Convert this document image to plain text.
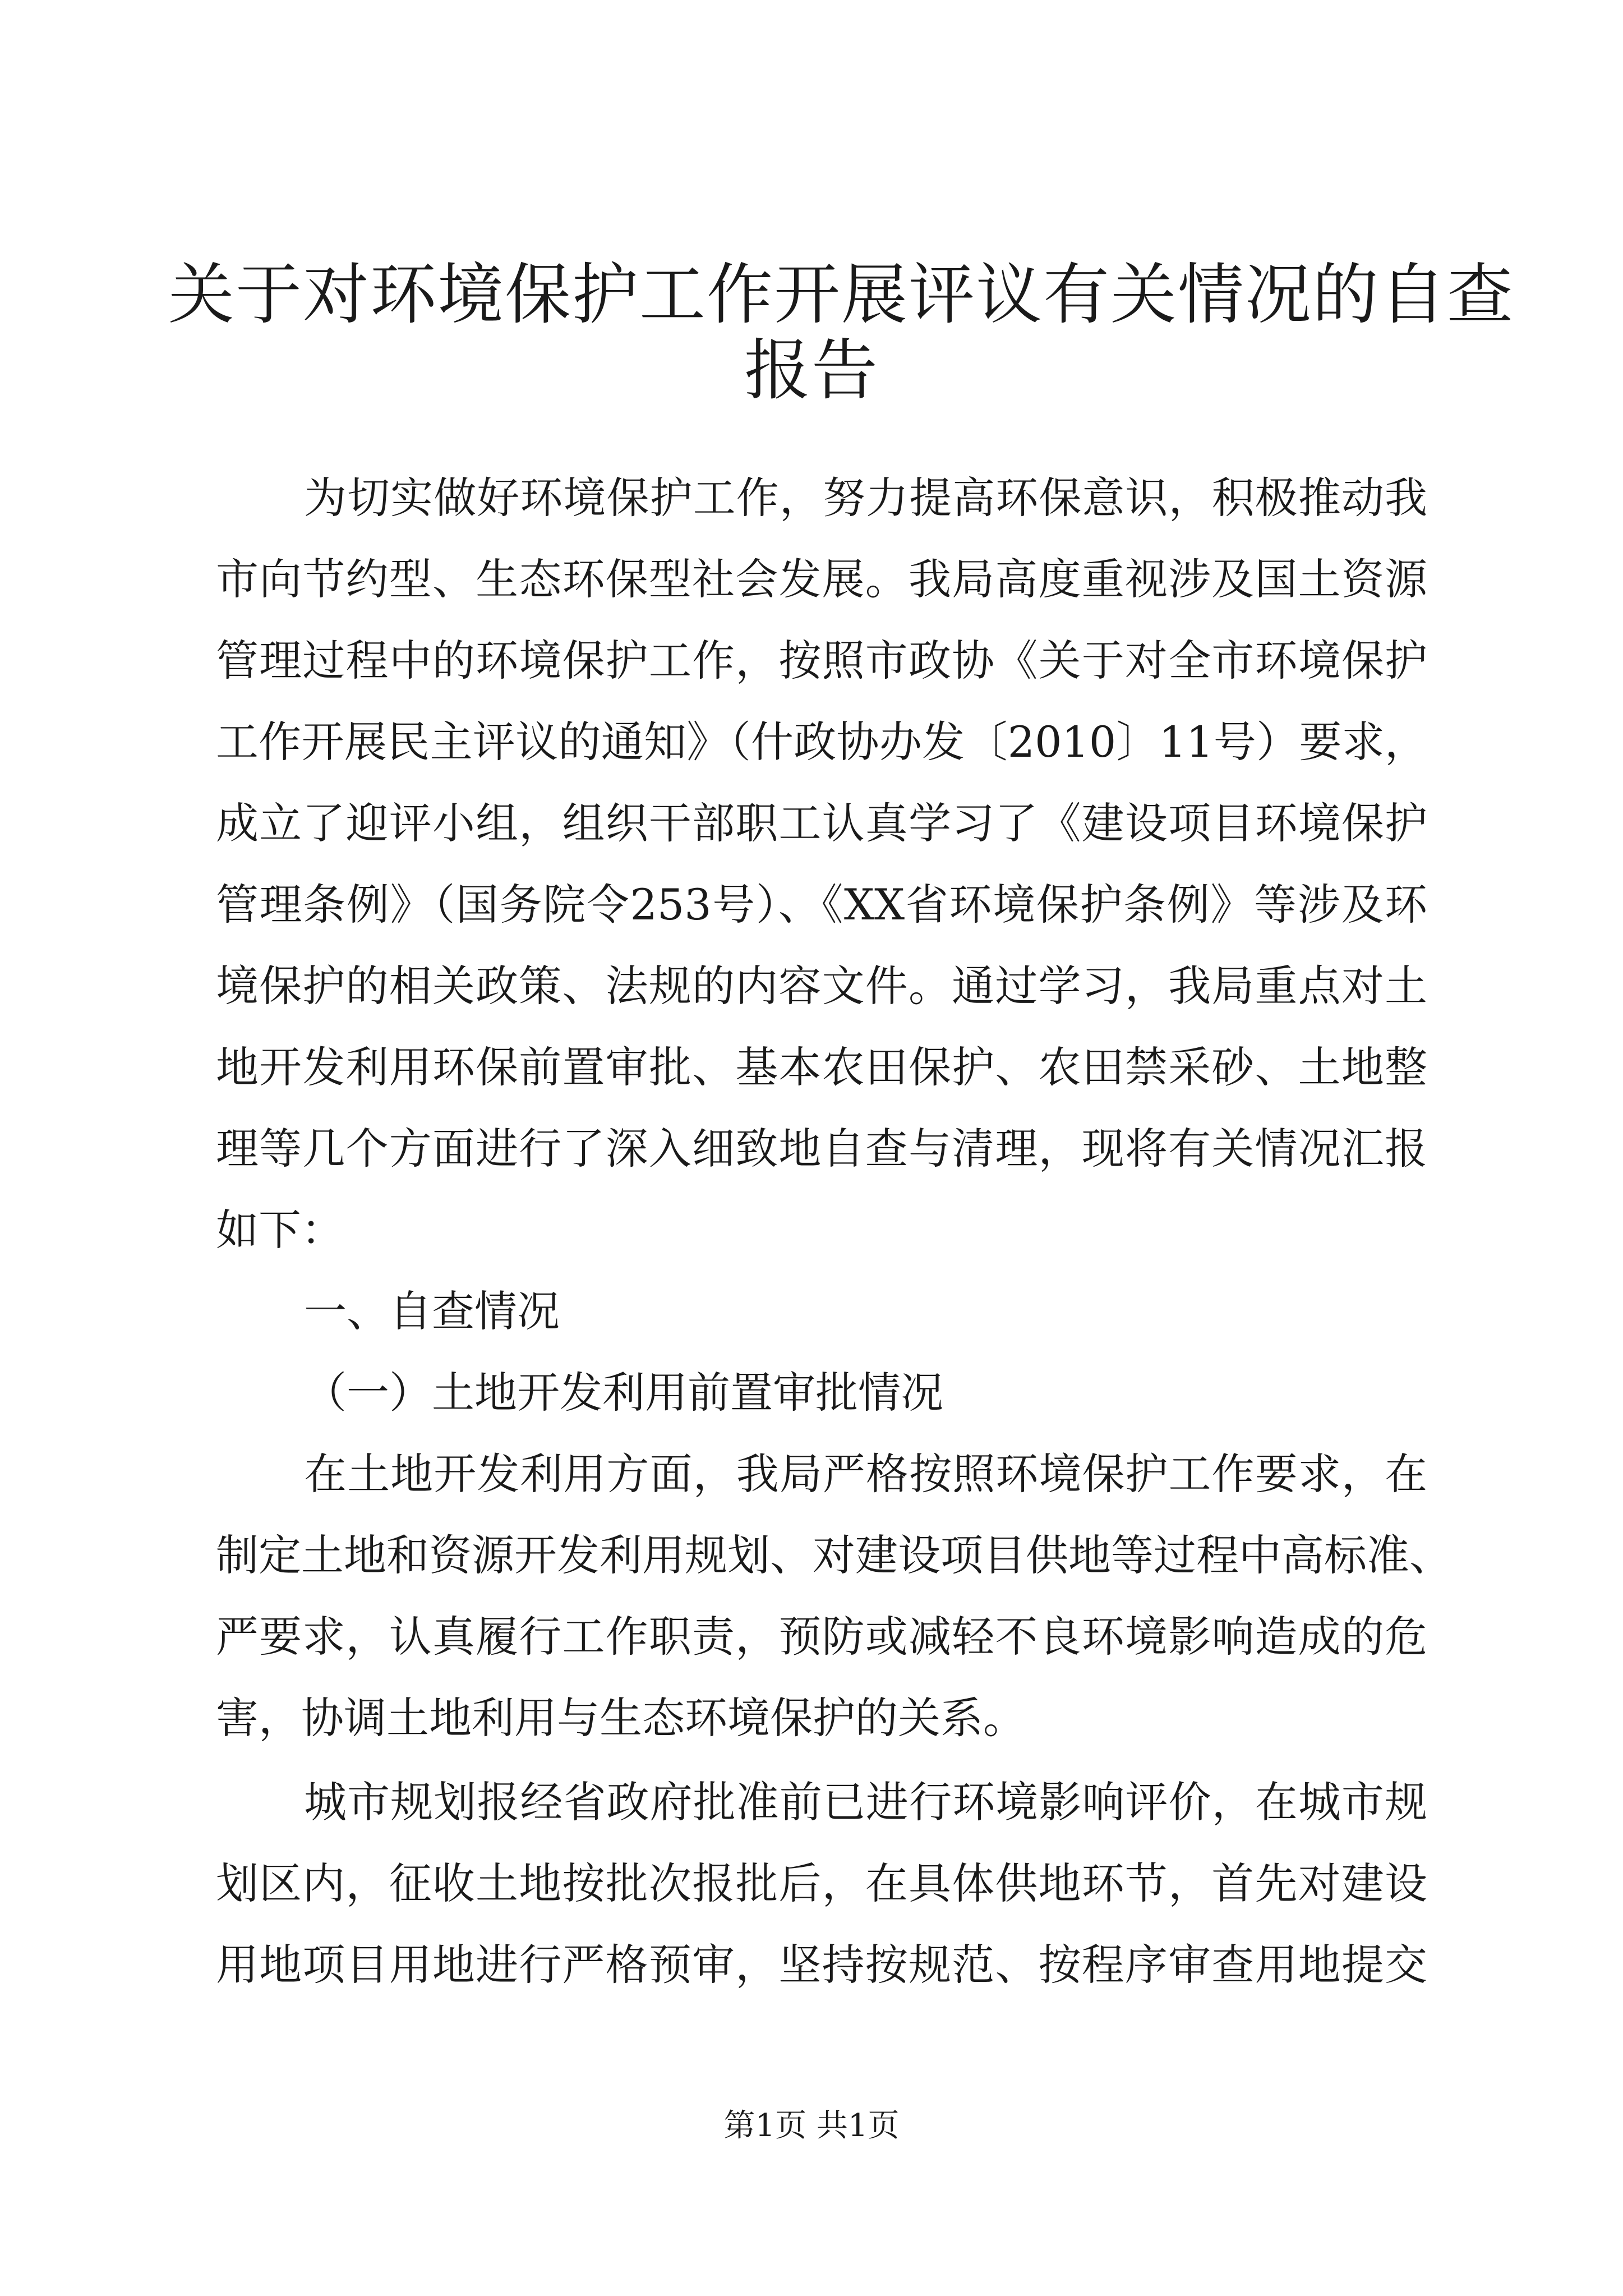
关于对环境保护工作开展评议有关情况的自查
报告
为切实做好环境保护工作，努力提高环保意识，积极推动我
市向节约型、生态环保型社会发展。我局高度重视涉及国土资源
管理过程中的环境保护工作，按照市政协《关于对全市环境保护
工作开展民主评议的通知》（什政协办发〔2010〕11号）要求，
成立了迎评小组，组织干部职工认真学习了《建设项目环境保护
管理条例》（国务院令253号）、《XX省环境保护条例》等涉及环
境保护的相关政策、法规的内容文件。通过学习，我局重点对土
地开发利用环保前置审批、基本农田保护、农田禁采砂、土地整
理等几个方面进行了深入细致地自查与清理，现将有关情况汇报
如下：
一、自查情况
（一）土地开发利用前置审批情况
在土地开发利用方面，我局严格按照环境保护工作要求，在
制定土地和资源开发利用规划、对建设项目供地等过程中高标准、
严要求，认真履行工作职责，预防或减轻不良环境影响造成的危
害，协调土地利用与生态环境保护的关系。
城市规划报经省政府批准前已进行环境影响评价，在城市规
划区内，征收土地按批次报批后，在具体供地环节，首先对建设
用地项目用地进行严格预审，坚持按规范、按程序审查用地提交
第1页 共1页
